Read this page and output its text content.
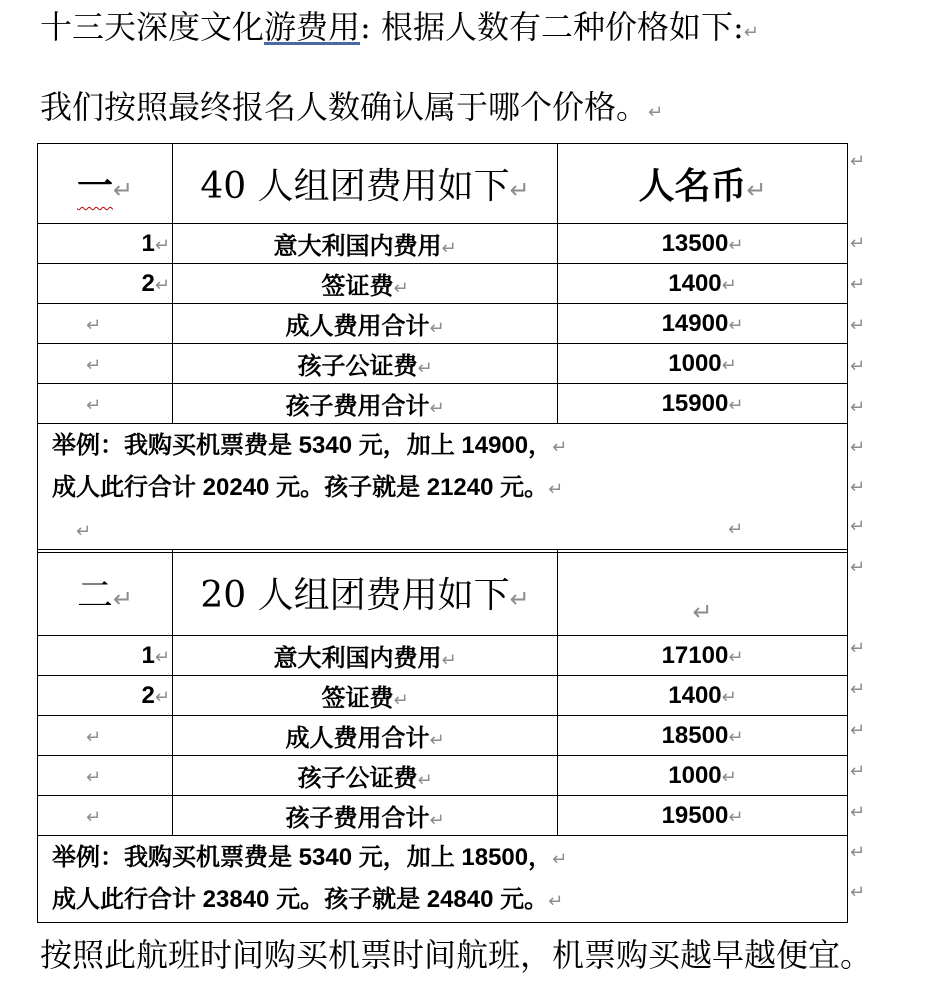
十三天深度文化游费用: 根据人数有二种价格如下:↵
我们按照最终报名人数确认属于哪个价格。↵
一↵	40 人组团费用如下↵	人名币↵
1↵	意大利国内费用↵	13500↵
2↵	签证费↵	1400↵
↵	成人费用合计↵	14900↵
↵	孩子公证费↵	1000↵
↵	孩子费用合计↵	15900↵

举例：我购买机票费是 5340 元，加上 14900，↵
成人此行合计 20240 元。孩子就是 21240 元。↵
↵ ↵		
二↵	20 人组团费用如下↵	↵
1↵	意大利国内费用↵	17100↵
2↵	签证费↵	1400↵
↵	成人费用合计↵	18500↵
↵	孩子公证费↵	1000↵
↵	孩子费用合计↵	19500↵

举例：我购买机票费是 5340 元，加上 18500，↵
成人此行合计 23840 元。孩子就是 24840 元。↵		
↵
↵
↵
↵
↵
↵
↵
↵
↵
↵
↵
↵
↵
↵
↵
↵
↵
按照此航班时间购买机票时间航班，机票购买越早越便宜。
